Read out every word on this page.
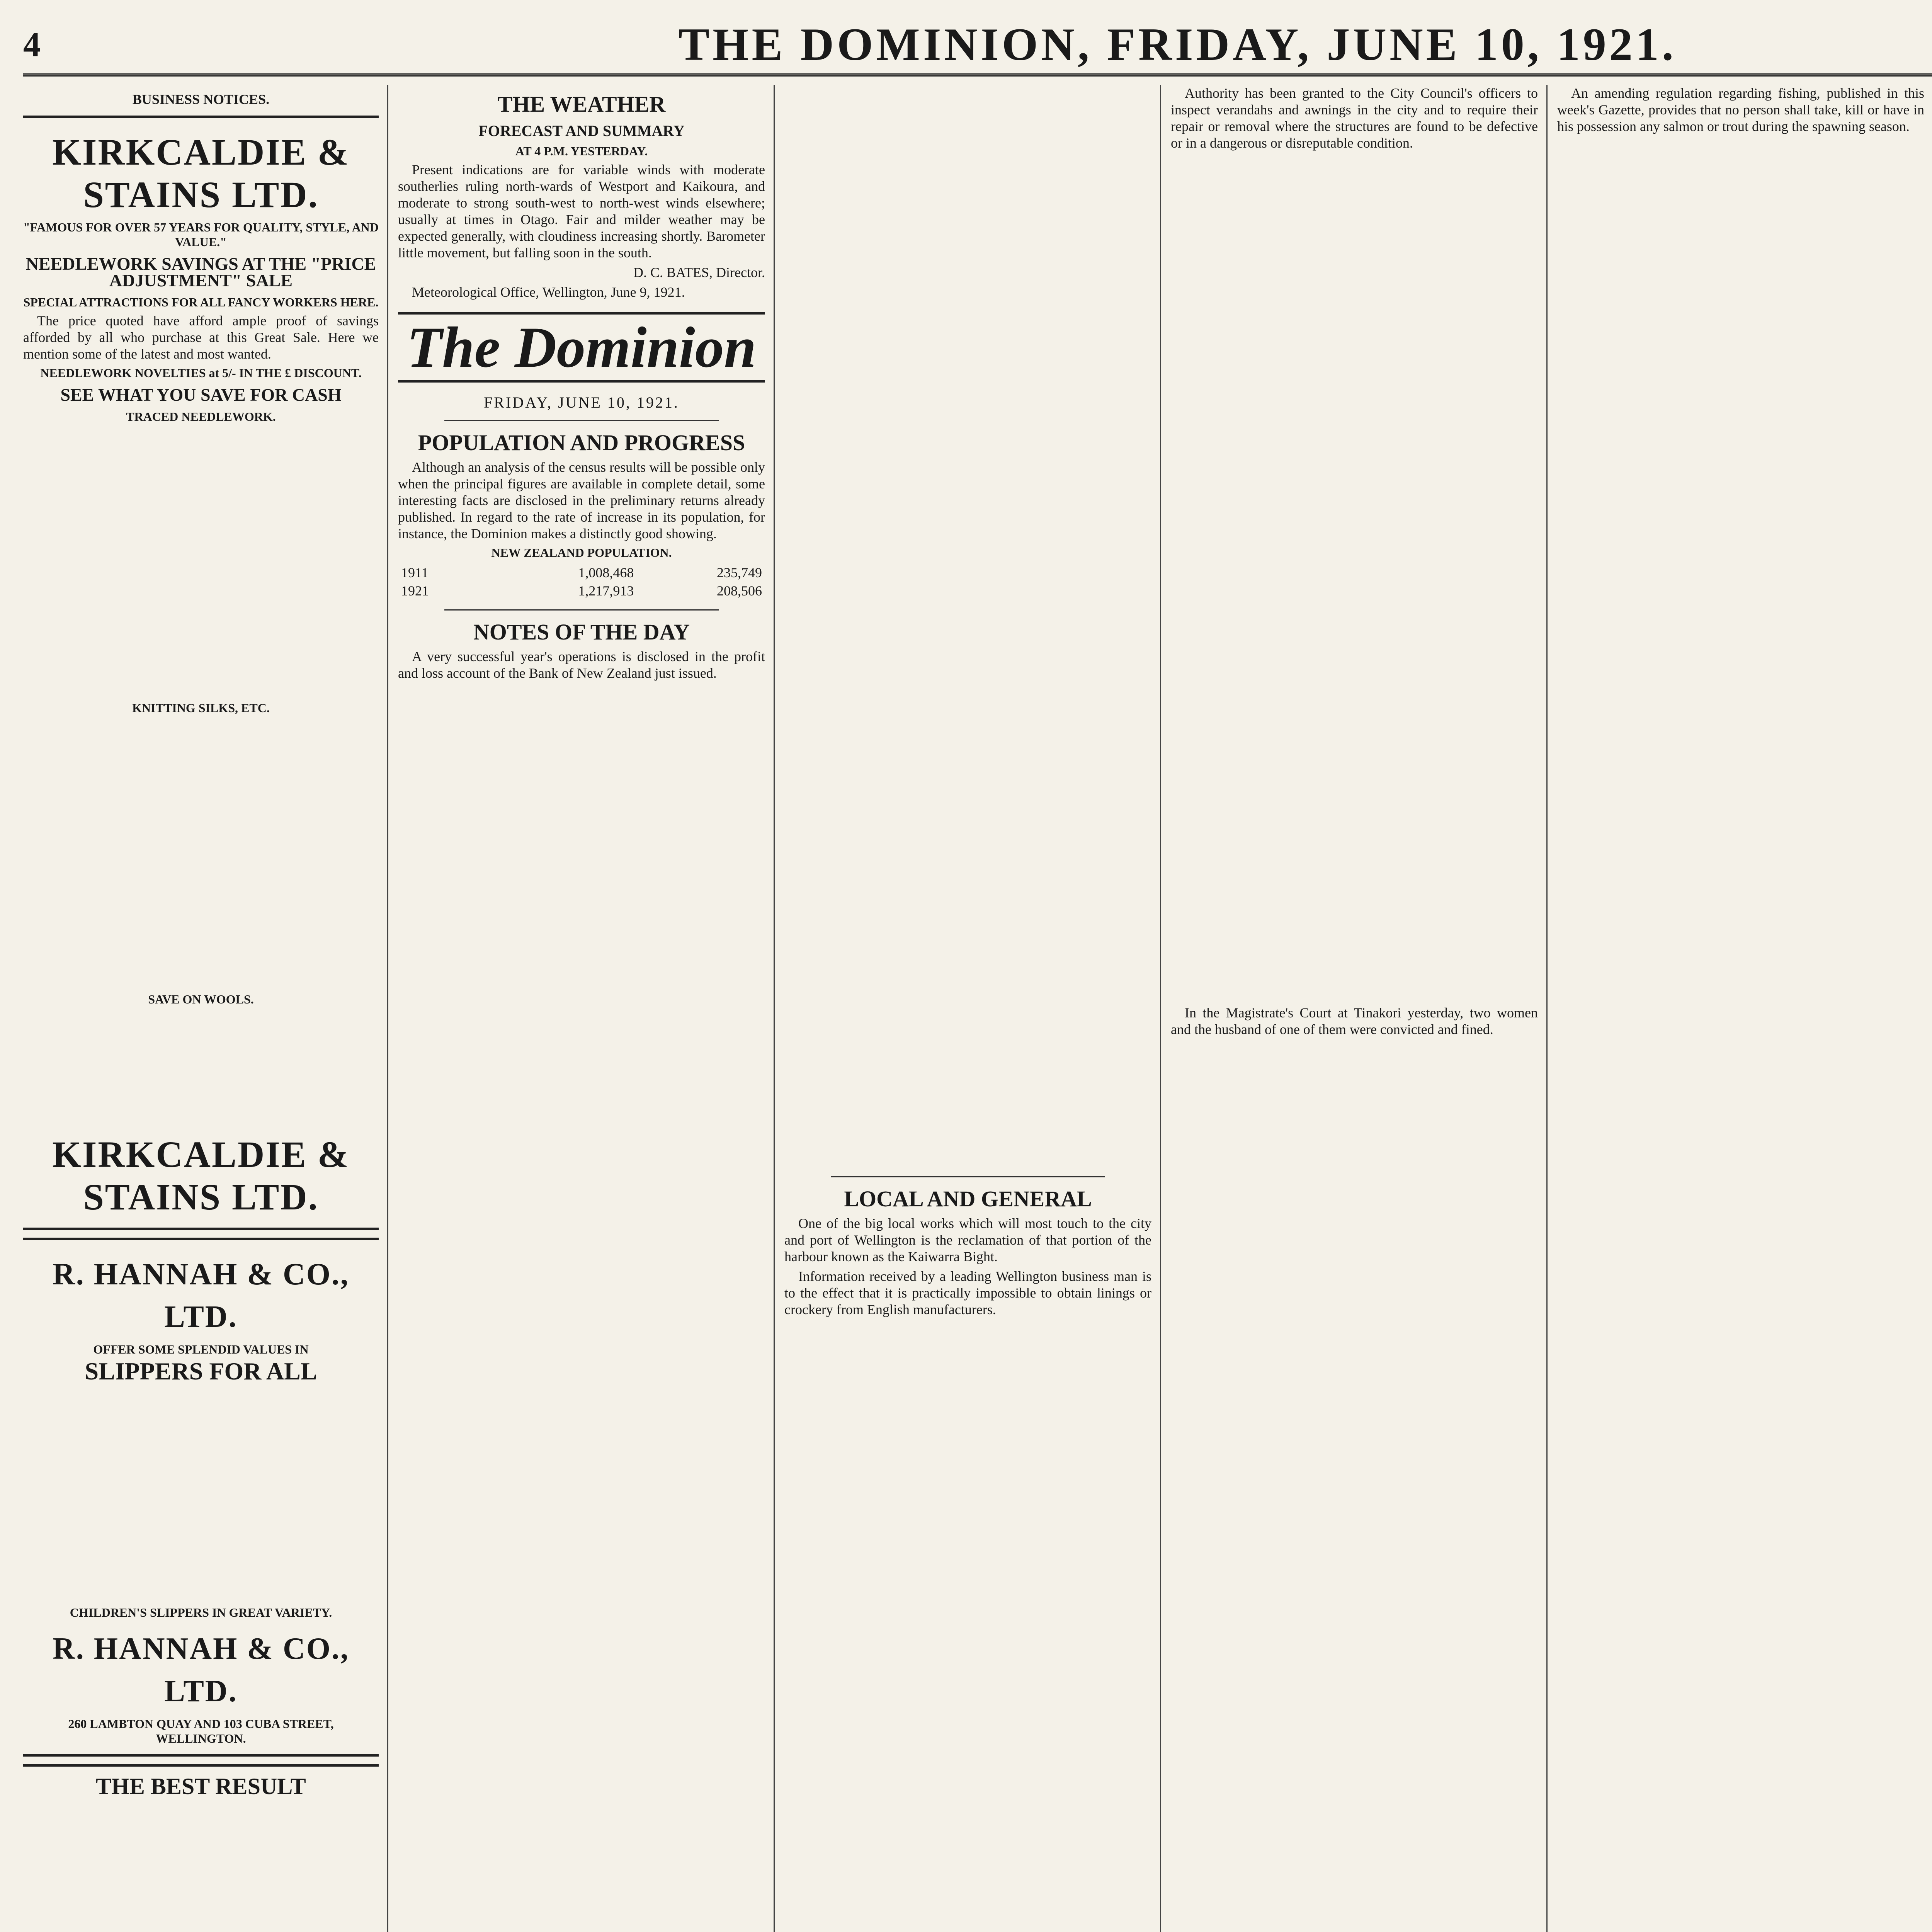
4	THE DOMINION, FRIDAY, JUNE 10, 1921.
BUSINESS NOTICES.
KIRKCALDIE & STAINS LTD.
"FAMOUS FOR OVER 57 YEARS FOR QUALITY, STYLE, AND VALUE."
NEEDLEWORK SAVINGS AT THE "PRICE ADJUSTMENT" SALE
SPECIAL ATTRACTIONS FOR ALL FANCY WORKERS HERE.

The price quoted have afford ample proof of savings afforded by all who purchase at this Great Sale. Here we mention some of the latest and most wanted.

NEEDLEWORK NOVELTIES at 5/- IN THE £ DISCOUNT.
SEE WHAT YOU SAVE FOR CASH
TRACED NEEDLEWORK.
KNITTING SILKS, ETC.
SAVE ON WOOLS.
KIRKCALDIE & STAINS LTD.
R. HANNAH & CO., LTD.
OFFER SOME SPLENDID VALUES IN
SLIPPERS FOR ALL
CHILDREN'S SLIPPERS IN GREAT VARIETY.
R. HANNAH & CO., LTD.
260 LAMBTON QUAY AND 103 CUBA STREET, WELLINGTON.
THE BEST RESULT
THE WEATHER
FORECAST AND SUMMARY
AT 4 P.M. YESTERDAY.

Present indications are for variable winds with moderate southerlies ruling north-wards of Westport and Kaikoura, and moderate to strong south-west to north-west winds elsewhere; usually at times in Otago. Fair and milder weather may be expected generally, with cloudiness increasing shortly. Barometer little movement, but falling soon in the south.

D. C. BATES, Director.

Meteorological Office, Wellington, June 9, 1921.

The Dominion
FRIDAY, JUNE 10, 1921.
POPULATION AND PROGRESS

Although an analysis of the census results will be possible only when the principal figures are available in complete detail, some interesting facts are disclosed in the preliminary returns already published. In regard to the rate of increase in its population, for instance, the Dominion makes a distinctly good showing.

NEW ZEALAND POPULATION.
1911	1,008,468	235,749
1921	1,217,913	208,506
NOTES OF THE DAY

A very successful year's operations is disclosed in the profit and loss account of the Bank of New Zealand just issued.

LOCAL AND GENERAL

One of the big local works which will most touch to the city and port of Wellington is the reclamation of that portion of the harbour known as the Kaiwarra Bight.

Information received by a leading Wellington business man is to the effect that it is practically impossible to obtain linings or crockery from English manufacturers.

Authority has been granted to the City Council's officers to inspect verandahs and awnings in the city and to require their repair or removal where the structures are found to be defective or in a dangerous or disreputable condition.

In the Magistrate's Court at Tinakori yesterday, two women and the husband of one of them were convicted and fined.

An amending regulation regarding fishing, published in this week's Gazette, provides that no person shall take, kill or have in his possession any salmon or trout during the spawning season.
